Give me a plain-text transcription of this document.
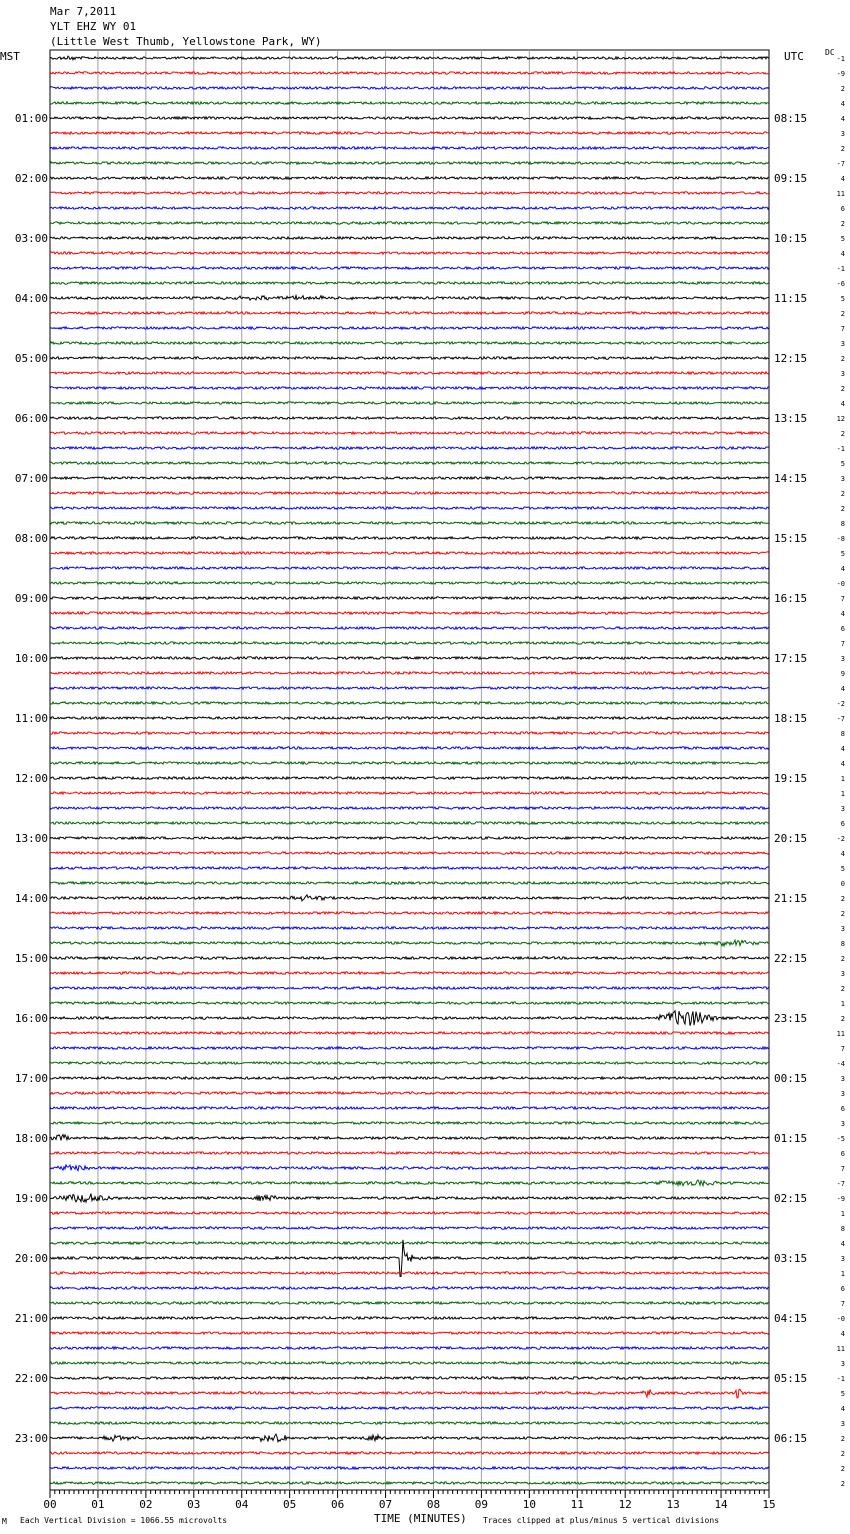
Mar 7,2011
YLT EHZ WY 01
(Little West Thumb, Yellowstone Park, WY)
MST	UTC	DC
-1
-9
2
4
4
3
2
-7
4
11
6
2
5
4
-1
-6
5
2
7
3
2
3
2
4
12
2
-1
5
3
2
2
8
-8
5
4
-0
7
4
6
7
3
9
4
-2
-7
8
4
4
1
1
3
6
-2
4
5
0
2
2
3
8
2
3
2
1
2
11
7
-4
3
3
6
3
-5
6
7
-7
-9
1
8
4
3
1
6
7
-0
4
11
3
-1
5
4
3
2
2
2
2
01:00	08:15
02:00	09:15
03:00	10:15
04:00	11:15
05:00	12:15
06:00	13:15
07:00	14:15
08:00	15:15
09:00	16:15
10:00	17:15
11:00	18:15
12:00	19:15
13:00	20:15
14:00	21:15
15:00	22:15
16:00	23:15
17:00	00:15
18:00	01:15
19:00	02:15
20:00	03:15
21:00	04:15
22:00	05:15
23:00	06:15
00	01	02	03	04	05	06	07	08	09	10	11	12	13	14	15
M Each Vertical Division = 1066.55 microvolts	TIME (MINUTES) Traces clipped at plus/minus 5 vertical divisions
